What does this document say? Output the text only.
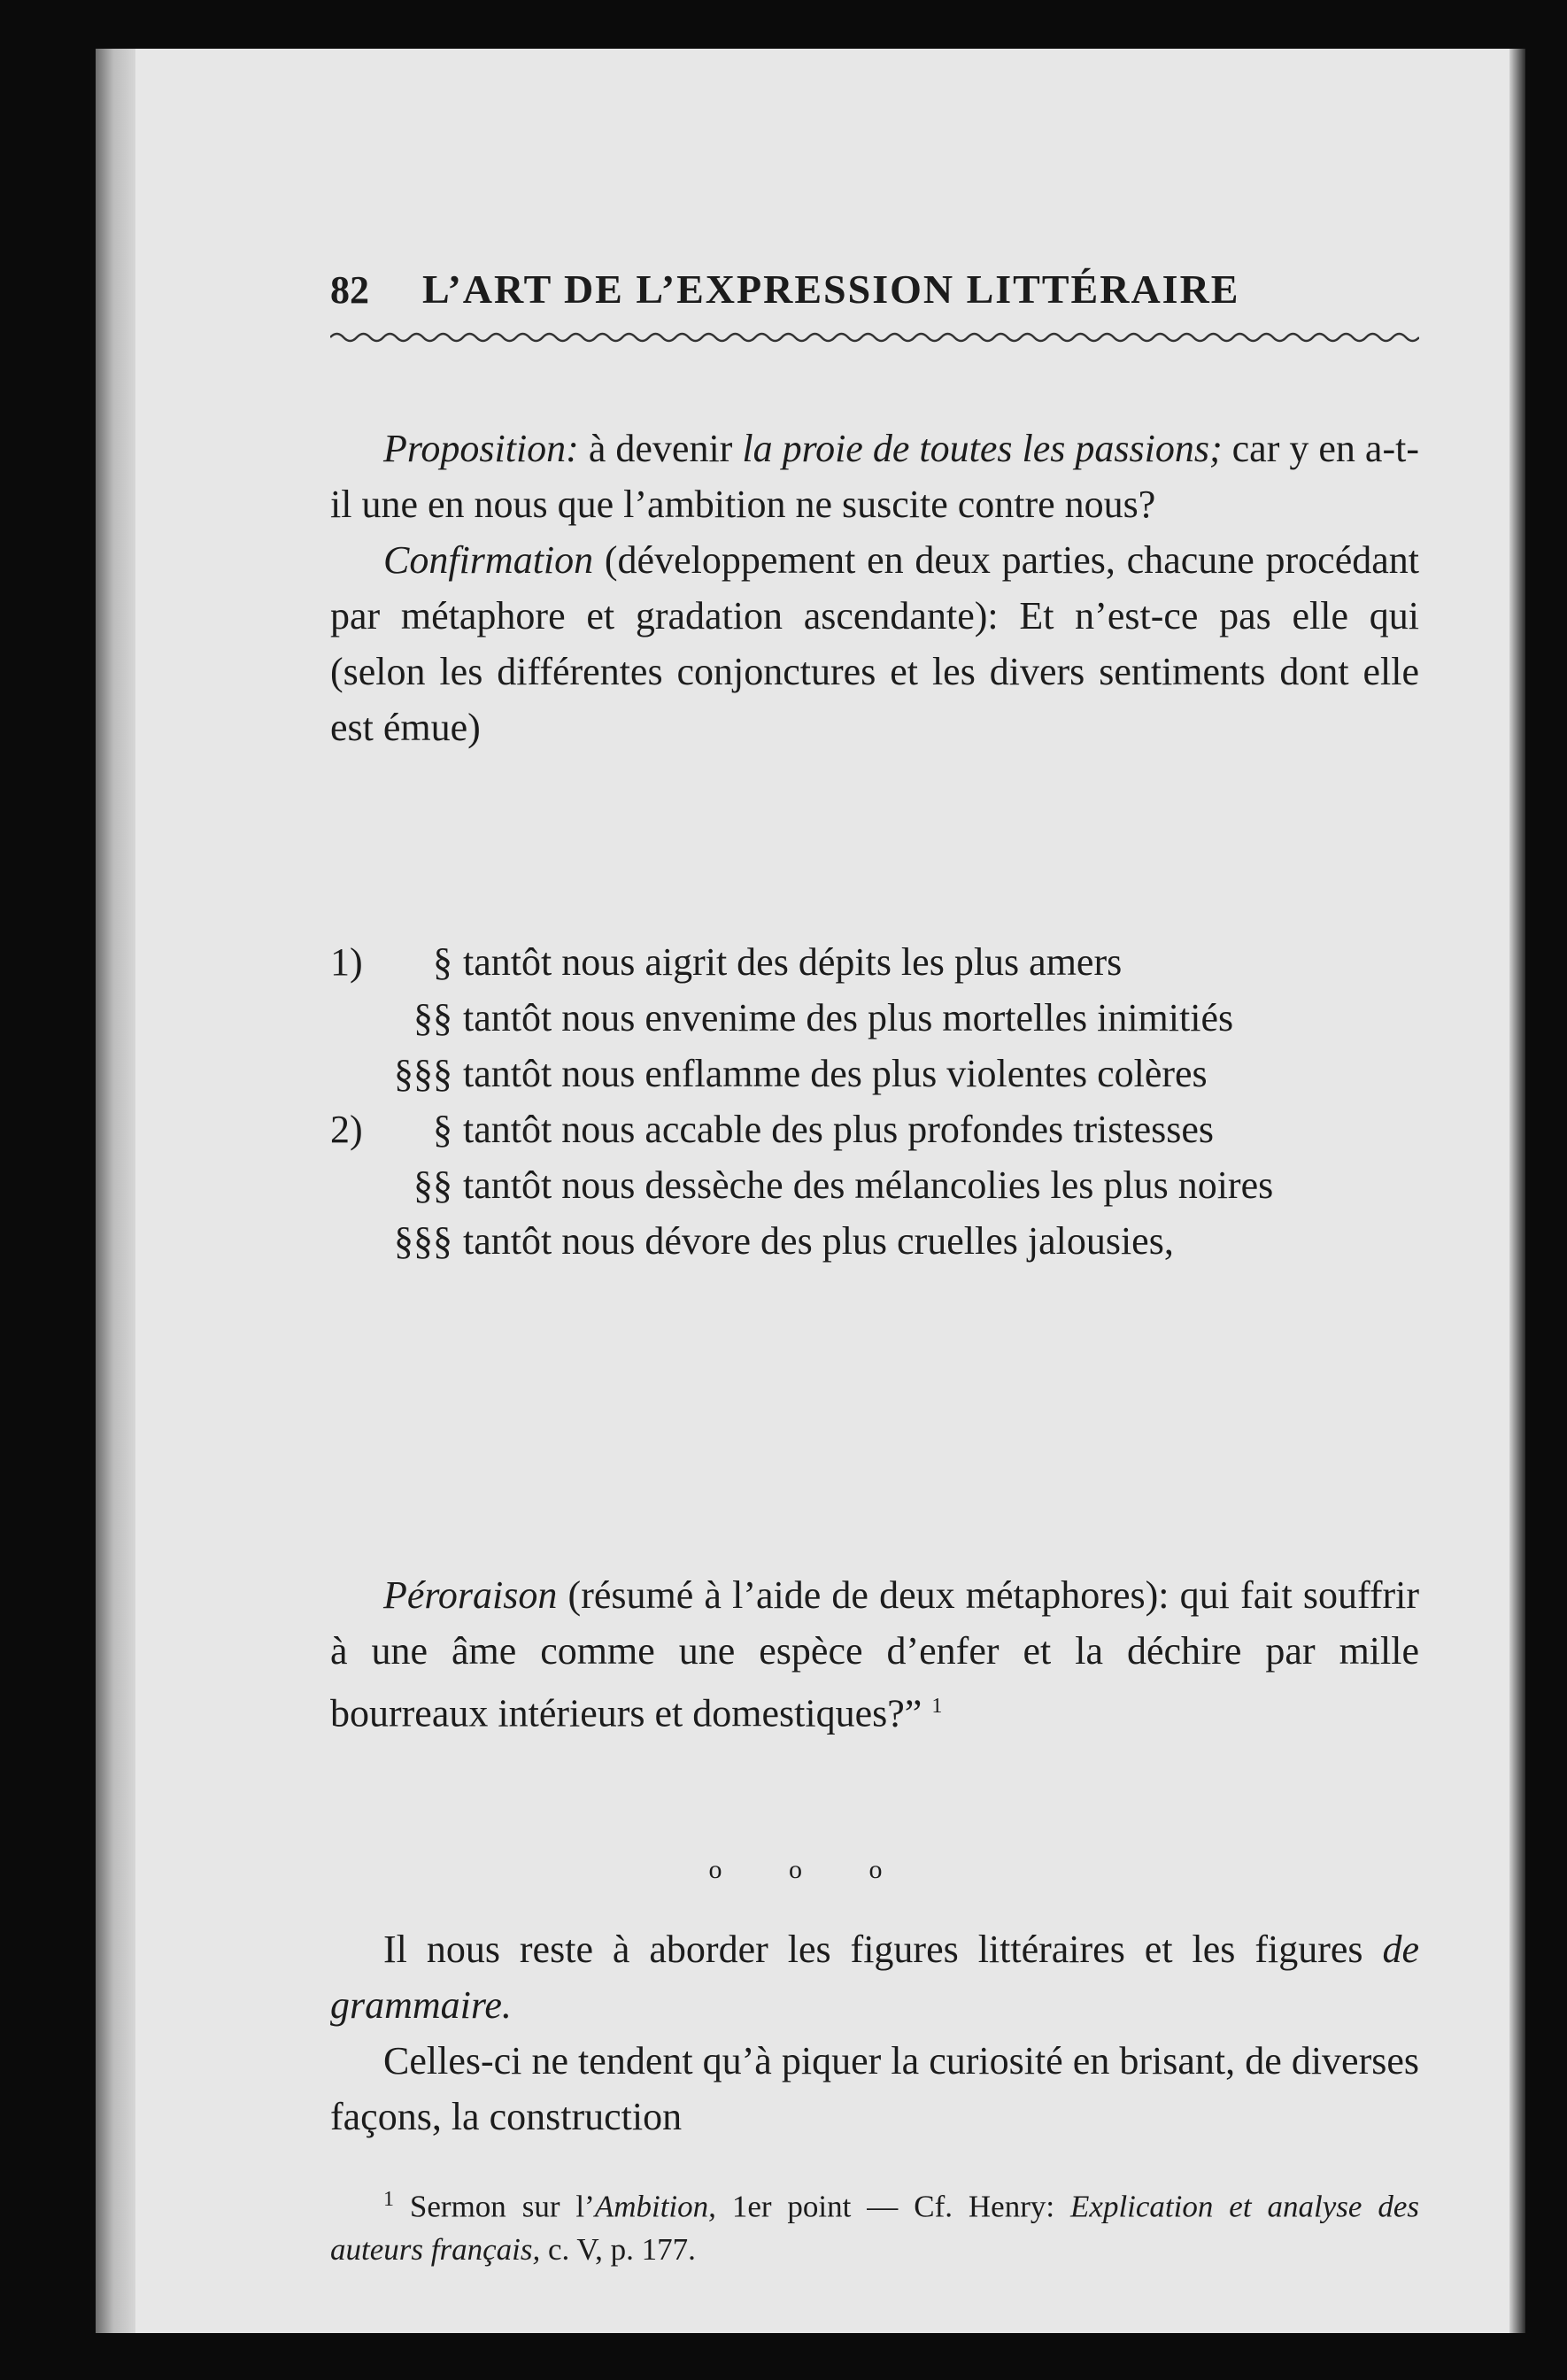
82 L’ART DE L’EXPRESSION LITTÉRAIRE

Proposition: à devenir la proie de toutes les passions; car y en a-t-il une en nous que l’ambition ne suscite contre nous?

Confirmation (développement en deux parties, chacune procédant par métaphore et gradation ascendante): Et n’est-ce pas elle qui (selon les différentes conjonctures et les divers sentiments dont elle est émue)

1)	§ tantôt nous aigrit des dépits les plus amers
§§ tantôt nous envenime des plus mortelles inimitiés
§§§ tantôt nous enflamme des plus violentes colères
2)	§ tantôt nous accable des plus profondes tristesses
§§ tantôt nous dessèche des mélancolies les plus noires
§§§ tantôt nous dévore des plus cruelles jalousies,

Péroraison (résumé à l’aide de deux métaphores): qui fait souffrir à une âme comme une espèce d’enfer et la déchire par mille bourreaux intérieurs et domestiques?” $^1$

o o o

Il nous reste à aborder les figures littéraires et les figures de grammaire.

Celles-ci ne tendent qu’à piquer la curiosité en brisant, de diverses façons, la construction

$^1$ Sermon sur l’Ambition, 1er point — Cf. Henry: Explication et analyse des auteurs français, c. V, p. 177.
